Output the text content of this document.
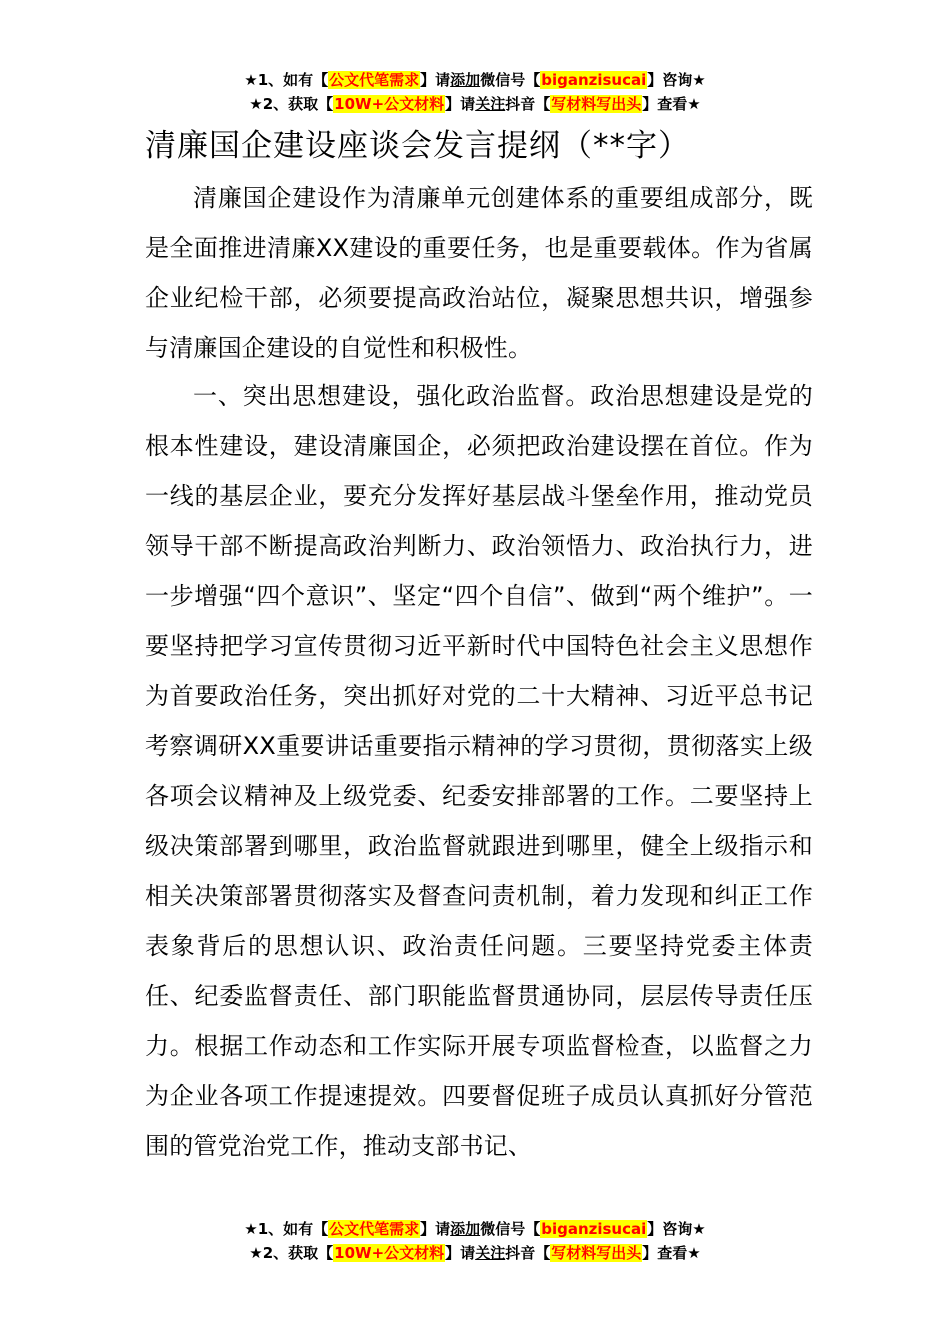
★1、如有【公文代笔需求】请添加微信号【biganzisucai】咨询★
★2、获取【10W+公文材料】请关注抖音【写材料写出头】查看★
清廉国企建设座谈会发言提纲（**字）

清廉国企建设作为清廉单元创建体系的重要组成部分，既是全面推进清廉XX建设的重要任务，也是重要载体。作为省属企业纪检干部，必须要提高政治站位，凝聚思想共识，增强参与清廉国企建设的自觉性和积极性。

一、突出思想建设，强化政治监督。政治思想建设是党的根本性建设，建设清廉国企，必须把政治建设摆在首位。作为一线的基层企业，要充分发挥好基层战斗堡垒作用，推动党员领导干部不断提高政治判断力、政治领悟力、政治执行力，进一步增强“四个意识”、坚定“四个自信”、做到“两个维护”。一要坚持把学习宣传贯彻习近平新时代中国特色社会主义思想作为首要政治任务，突出抓好对党的二十大精神、习近平总书记考察调研XX重要讲话重要指示精神的学习贯彻，贯彻落实上级各项会议精神及上级党委、纪委安排部署的工作。二要坚持上级决策部署到哪里，政治监督就跟进到哪里，健全上级指示和相关决策部署贯彻落实及督查问责机制，着力发现和纠正工作表象背后的思想认识、政治责任问题。三要坚持党委主体责任、纪委监督责任、部门职能监督贯通协同，层层传导责任压力。根据工作动态和工作实际开展专项监督检查，以监督之力为企业各项工作提速提效。四要督促班子成员认真抓好分管范围的管党治党工作，推动支部书记、

★1、如有【公文代笔需求】请添加微信号【biganzisucai】咨询★
★2、获取【10W+公文材料】请关注抖音【写材料写出头】查看★
